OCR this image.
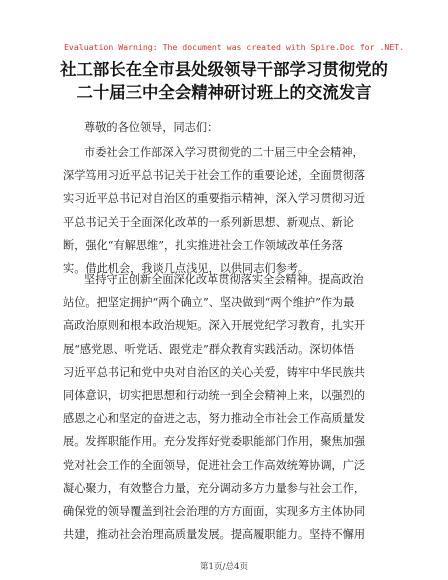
Evaluation Warning: The document was created with Spire.Doc for .NET.
社工部长在全市县处级领导干部学习贯彻党的
二十届三中全会精神研讨班上的交流发言
尊敬的各位领导，同志们：
市委社会工作部深入学习贯彻党的二十届三中全会精神，
深学笃用习近平总书记关于社会工作的重要论述，全面贯彻落
实习近平总书记对自治区的重要指示精神，深入学习贯彻习近
平总书记关于全面深化改革的一系列新思想、新观点、新论
断，强化“有解思维”，扎实推进社会工作领域改革任务落
实。借此机会，我谈几点浅见，以供同志们参考。
坚持守正创新全面深化改革贯彻落实全会精神。提高政治
站位。把坚定拥护“两个确立”、坚决做到“两个维护”作为最
高政治原则和根本政治规矩。深入开展党纪学习教育，扎实开
展“感党恩、听党话、跟党走”群众教育实践活动。深切体悟
习近平总书记和党中央对自治区的关心关爱，铸牢中华民族共
同体意识，切实把思想和行动统一到全会精神上来，以强烈的
感恩之心和坚定的奋进之志，努力推动全市社会工作高质量发
展。发挥职能作用。充分发挥好党委职能部门作用，聚焦加强
党对社会工作的全面领导，促进社会工作高效统筹协调，广泛
凝心聚力，有效整合力量，充分调动多方力量参与社会工作，
确保党的领导覆盖到社会治理的方方面面，实现多方主体协同
共建，推动社会治理高质量发展。提高履职能力。坚持不懈用
第1页/总4页
